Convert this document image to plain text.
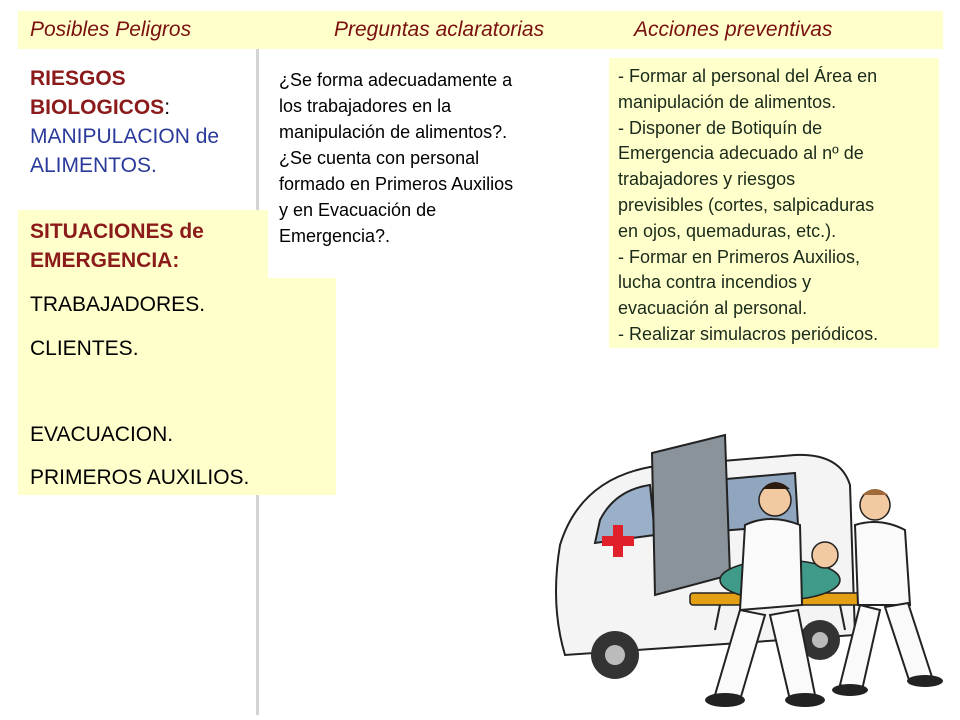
Posibles Peligros	Preguntas aclaratorias	Acciones preventivas
RIESGOS
BIOLOGICOS:
MANIPULACION de
ALIMENTOS.
¿Se forma adecuadamente a
los trabajadores en la
manipulación de alimentos?.
¿Se cuenta con personal
formado en Primeros Auxilios
y en Evacuación de
Emergencia?.
- Formar al personal del Área en
manipulación de alimentos.
- Disponer de Botiquín de
Emergencia adecuado al nº de
trabajadores y riesgos
previsibles (cortes, salpicaduras
en ojos, quemaduras, etc.).
- Formar en Primeros Auxilios,
lucha contra incendios y
evacuación al personal.
- Realizar simulacros periódicos.
SITUACIONES de
EMERGENCIA:
TRABAJADORES.
CLIENTES.
EVACUACION.
PRIMEROS AUXILIOS.
